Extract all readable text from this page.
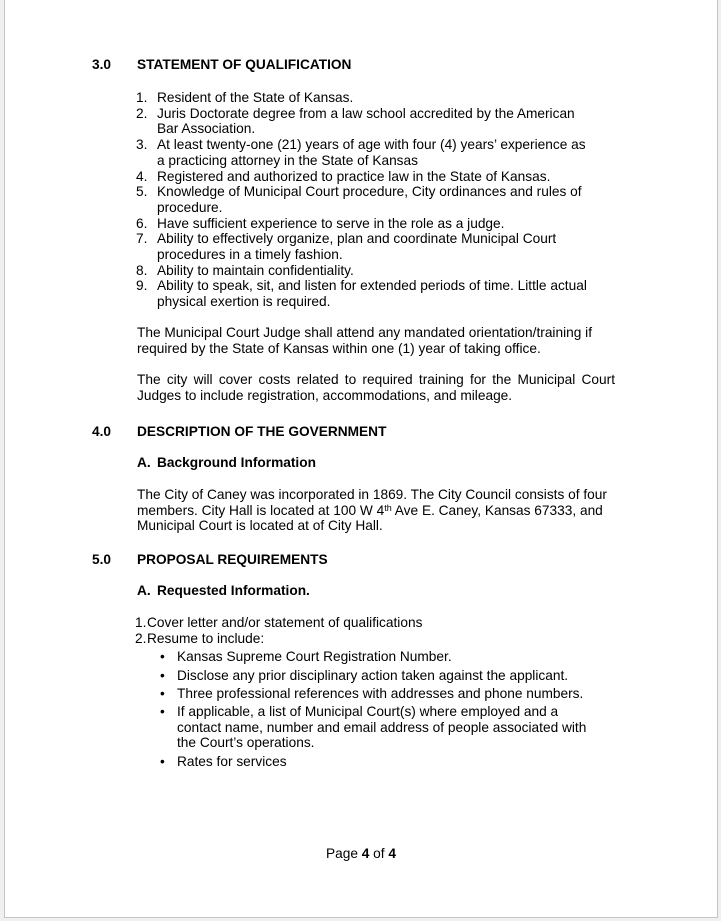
3.0	STATEMENT OF QUALIFICATION
1. Resident of the State of Kansas.
2. Juris Doctorate degree from a law school accredited by the American
Bar Association.
3. At least twenty-one (21) years of age with four (4) years’ experience as
a practicing attorney in the State of Kansas
4. Registered and authorized to practice law in the State of Kansas.
5. Knowledge of Municipal Court procedure, City ordinances and rules of
procedure.
6. Have sufficient experience to serve in the role as a judge.
7. Ability to effectively organize, plan and coordinate Municipal Court
procedures in a timely fashion.
8. Ability to maintain confidentiality.
9. Ability to speak, sit, and listen for extended periods of time. Little actual
physical exertion is required.
The Municipal Court Judge shall attend any mandated orientation/training if
required by the State of Kansas within one (1) year of taking office.
The city will cover costs related to required training for the Municipal Court
Judges to include registration, accommodations, and mileage.
4.0	DESCRIPTION OF THE GOVERNMENT
A. Background Information
The City of Caney was incorporated in 1869. The City Council consists of four
members. City Hall is located at 100 W 4th Ave E. Caney, Kansas 67333, and
Municipal Court is located at of City Hall.
5.0	PROPOSAL REQUIREMENTS
A. Requested Information.
1. Cover letter and/or statement of qualifications
2. Resume to include:
• Kansas Supreme Court Registration Number.
• Disclose any prior disciplinary action taken against the applicant.
• Three professional references with addresses and phone numbers.
• If applicable, a list of Municipal Court(s) where employed and a
contact name, number and email address of people associated with
the Court’s operations.
• Rates for services
Page 4 of 4
